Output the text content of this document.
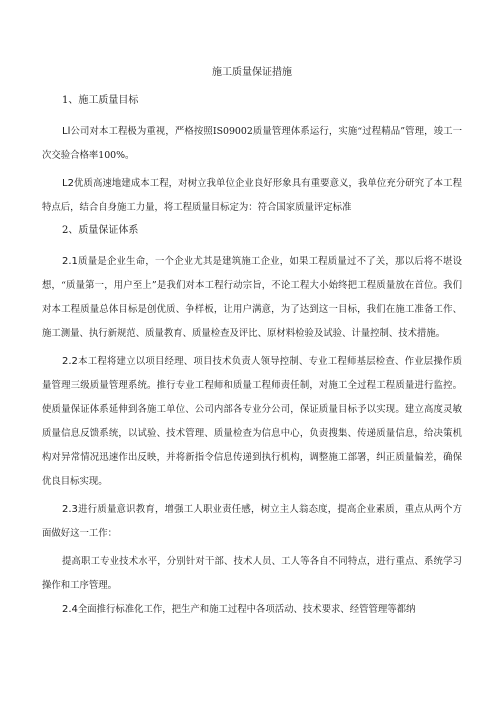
施工质量保证措施
1、施工质量目标
Ll公司对本工程极为重视，严格按照IS09002质量管理体系运行，实施“过程精品”管理，竣工一次交验合格率100%。
L2优质高速地建成本工程，对树立我单位企业良好形象具有重要意义，我单位充分研究了本工程特点后，结合自身施工力量，将工程质量目标定为：符合国家质量评定标准
2、质量保证体系
2.1质量是企业生命，一个企业尤其是建筑施工企业，如果工程质量过不了关，那以后将不堪设想，“质量第一，用户至上”是我们对本工程行动宗旨，不论工程大小始终把工程质量放在首位。我们对本工程质量总体目标是创优质、争样板，让用户满意，为了达到这一目标，我们在施工准备工作、施工测量、执行新规范、质量教育、质量检查及评比、原材料检验及试验、计量控制、技术措施。
2.2本工程将建立以项目经理、项目技术负责人领导控制、专业工程师基层检查、作业层操作质量管理三级质量管理系统。推行专业工程师和质量工程师责任制，对施工全过程工程质量进行监控。使质量保证体系延伸到各施工单位、公司内部各专业分公司，保证质量目标予以实现。建立高度灵敏质量信息反馈系统，以试验、技术管理、质量检查为信息中心，负责搜集、传递质量信息，给决策机构对异常情况迅速作出反映，并将新指令信息传递到执行机构，调整施工部署，纠正质量偏差，确保优良目标实现。
2.3进行质量意识教育，增强工人职业责任感，树立主人翁态度，提高企业素质，重点从两个方面做好这一工作：
提高职工专业技术水平，分别针对干部、技术人员、工人等各自不同特点，进行重点、系统学习操作和工序管理。
2.4全面推行标准化工作，把生产和施工过程中各项活动、技术要求、经管管理等都纳
